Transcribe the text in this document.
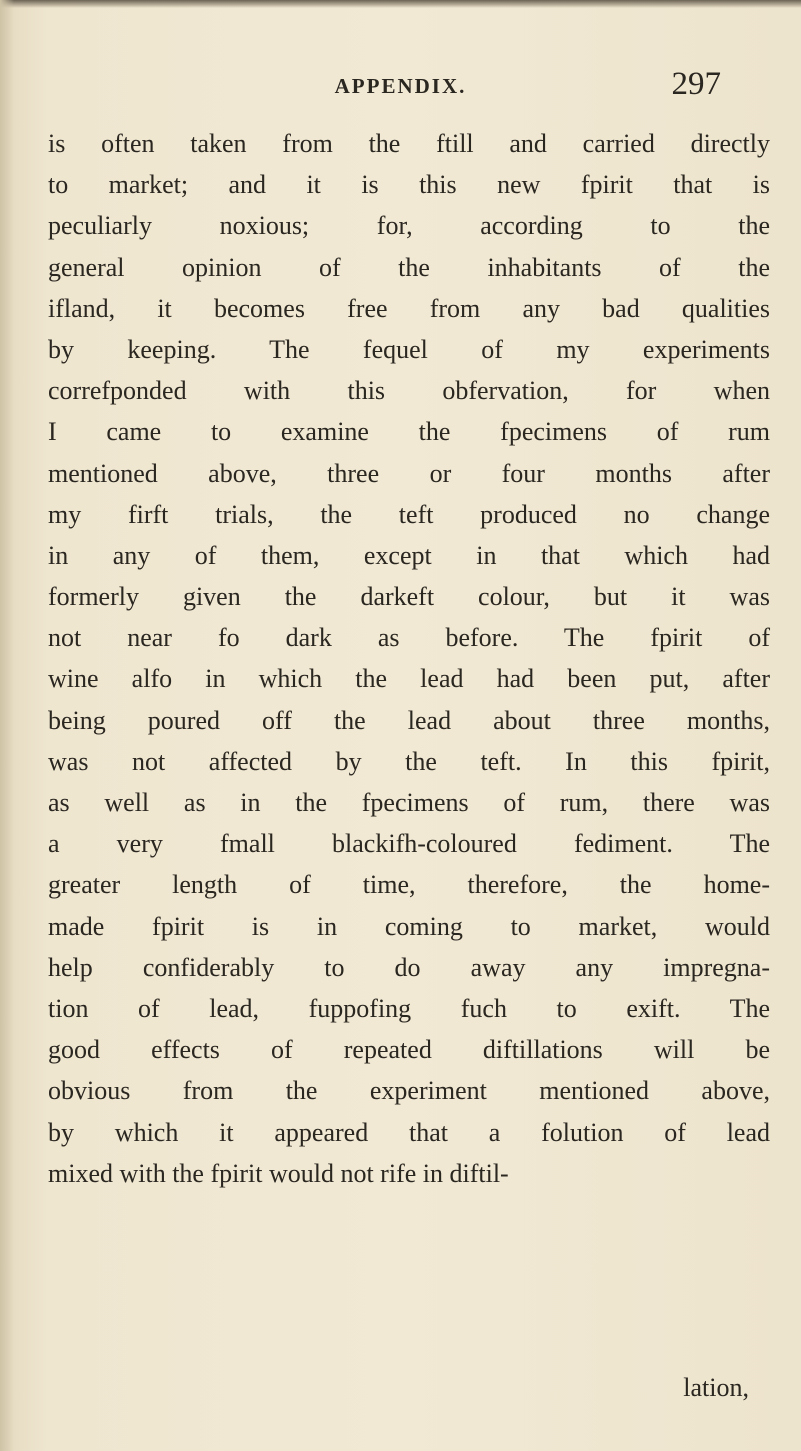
APPENDIX.	297
is often taken from the ftill and carried directly
to market; and it is this new fpirit that is
peculiarly noxious; for, according to the
general opinion of the inhabitants of the
ifland, it becomes free from any bad qualities
by keeping. The fequel of my experiments
correfponded with this obfervation, for when
I came to examine the fpecimens of rum
mentioned above, three or four months after
my firft trials, the teft produced no change
in any of them, except in that which had
formerly given the darkeft colour, but it was
not near fo dark as before. The fpirit of
wine alfo in which the lead had been put, after
being poured off the lead about three months,
was not affected by the teft. In this fpirit,
as well as in the fpecimens of rum, there was
a very fmall blackifh-coloured fediment. The
greater length of time, therefore, the home-
made fpirit is in coming to market, would
help confiderably to do away any impregna-
tion of lead, fuppofing fuch to exift. The
good effects of repeated diftillations will be
obvious from the experiment mentioned above,
by which it appeared that a folution of lead
mixed with the fpirit would not rife in diftil-
lation,
